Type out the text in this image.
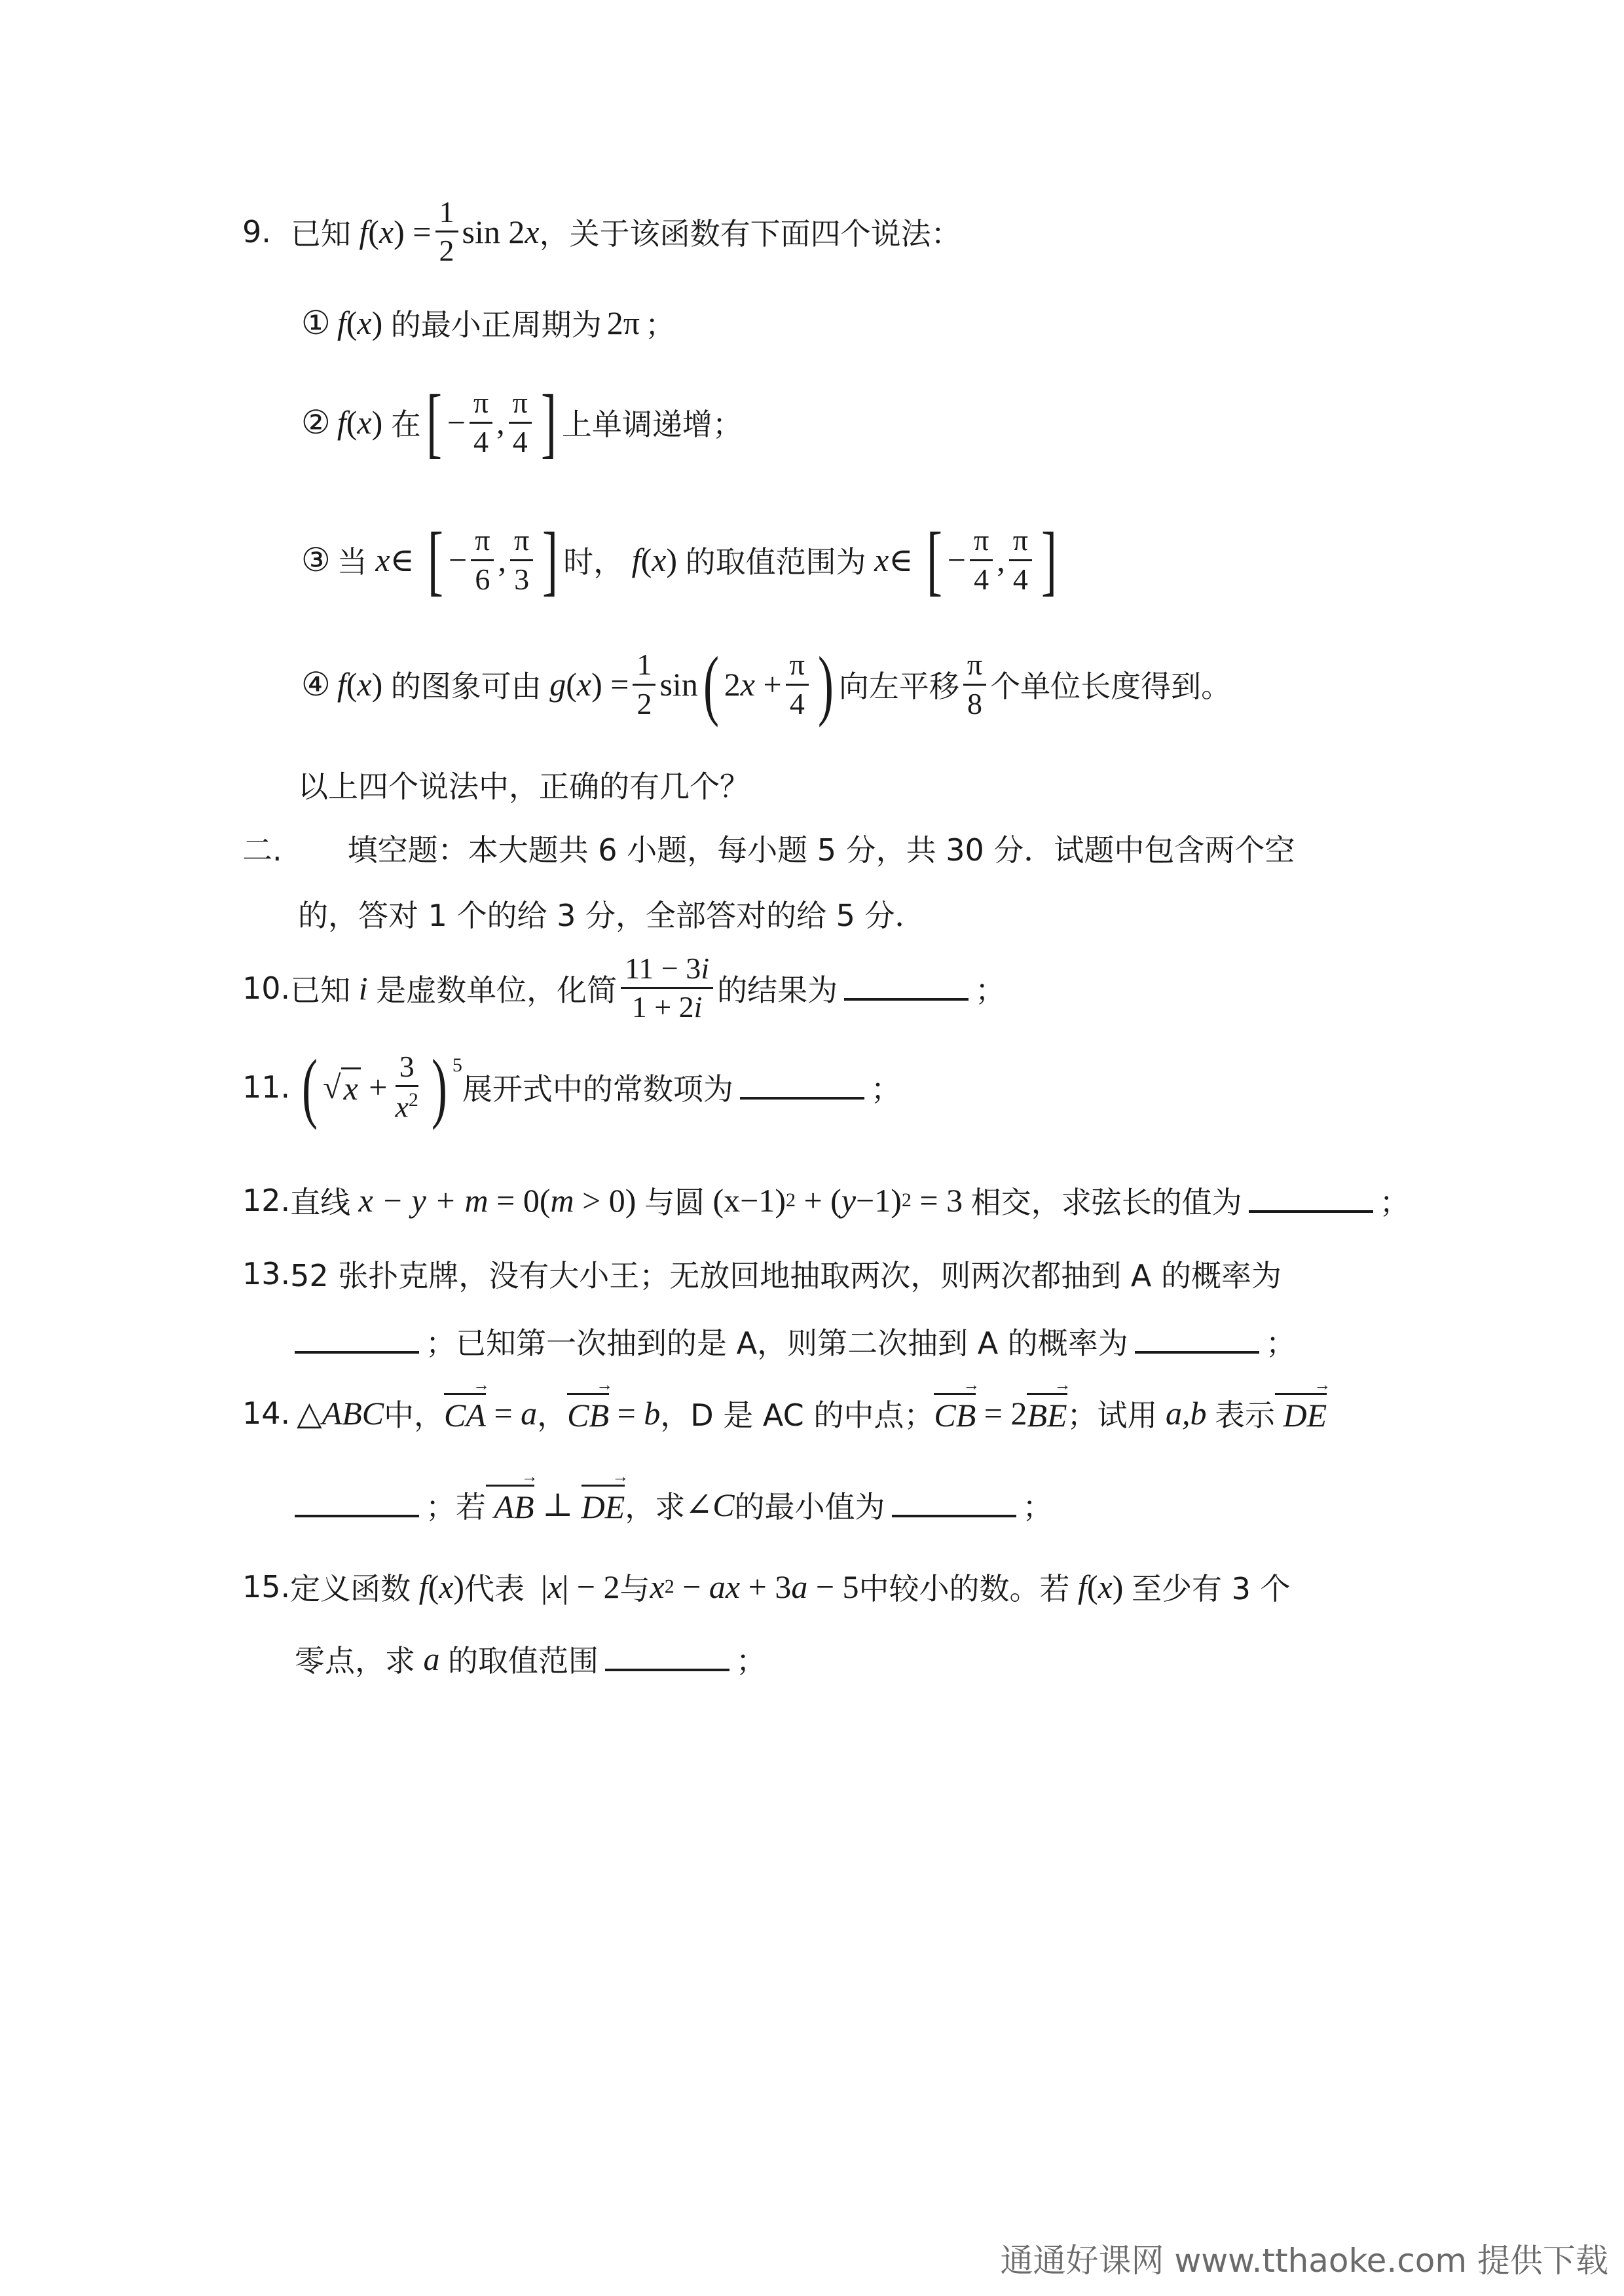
9. 已知 f ( x ) = $\frac{1}{2}$ sin 2 x ，关于该函数有下面四个说法：
① f ( x ) 的最小正周期为 2π ；
② f ( x ) 在 [ − $\frac{\pi}{4}$ , $\frac{\pi}{4}$ ] 上单调递增；
③ 当 x ∈ [ − $\frac{\pi}{6}$ , $\frac{\pi}{3}$ ] 时， f ( x ) 的取值范围为 x ∈ [ − $\frac{\pi}{4}$ , $\frac{\pi}{4}$ ]
④ f ( x ) 的图象可由 g ( x ) = $\frac{1}{2}$ sin ( 2 $x + \frac{\pi}{4}$ ) 向左平移 $\frac{\pi}{8}$ 个单位长度得到。
以上四个说法中，正确的有几个？
二. 填空题：本大题共 6 小题，每小题 5 分，共 30 分．试题中包含两个空
的，答对 1 个的给 3 分，全部答对的给 5 分．
10. 已知 i 是虚数单位，化简 $\frac{11 - 3i}{1 + 2i}$ 的结果为	；
11. ( √ $x + \frac{3}{x^2}$ ) 5
展开式中的常数项为	；
12. 直线 x − y + m = 0( m > 0) 与圆 (x−1) 2 + ( y −1) 2 = 3 相交，求弦长的值为	；
13. 52 张扑克牌，没有大小王；无放回地抽取两次，则两次都抽到 A 的概率为
；已知第一次抽到的是 A，则第二次抽到 A 的概率为	；
14. △ ABC 中， CA → = a ， CB → = b ，D 是 AC 的中点； CB → = 2 BE → ；试用 a,b 表示 DE →
；若 AB → ⊥ DE → ，求 ∠ C 的最小值为	；
15. 定义函数 f ( x ) 代表 | x | − 2 与 x 2 − ax + 3 a − 5 中较小的数。若 f ( x ) 至少有 3 个
零点，求 a 的取值范围	；
通通好课网 www.tthaoke.com 提供下载
